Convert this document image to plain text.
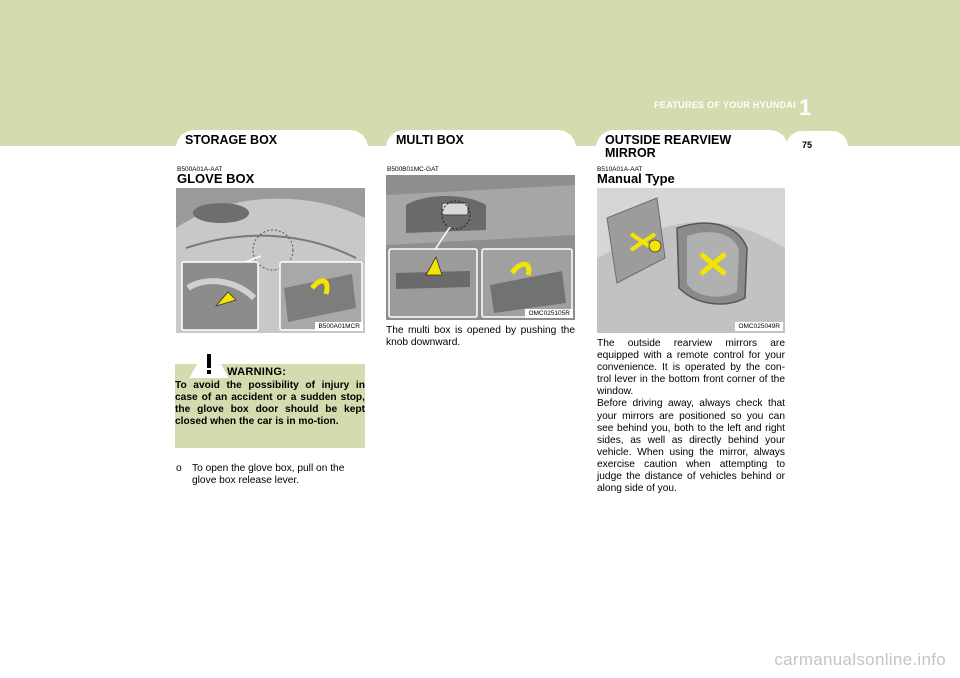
FEATURES OF YOUR HYUNDAI 1
75
STORAGE BOX
B500A01A-AAT
GLOVE BOX
B500A01MCR
WARNING:
To avoid the possibility of injury in case of an accident or a sudden stop, the glove box door should be kept closed when the car is in mo-tion.
o To open the glove box, pull on the glove box release lever.
MULTI BOX
B500B01MC-GAT
OMC025105R
The multi box is opened by pushing the knob downward.
OUTSIDE REARVIEW MIRROR
B510A01A-AAT
Manual Type
OMC025049R
The outside rearview mirrors are equipped with a remote control for your convenience. It is operated by the con-trol lever in the bottom front corner of the window.
Before driving away, always check that your mirrors are positioned so you can see behind you, both to the left and right sides, as well as directly behind your vehicle. When using the mirror, always exercise caution when attempting to judge the distance of vehicles behind or along side of you.
carmanualsonline.info
